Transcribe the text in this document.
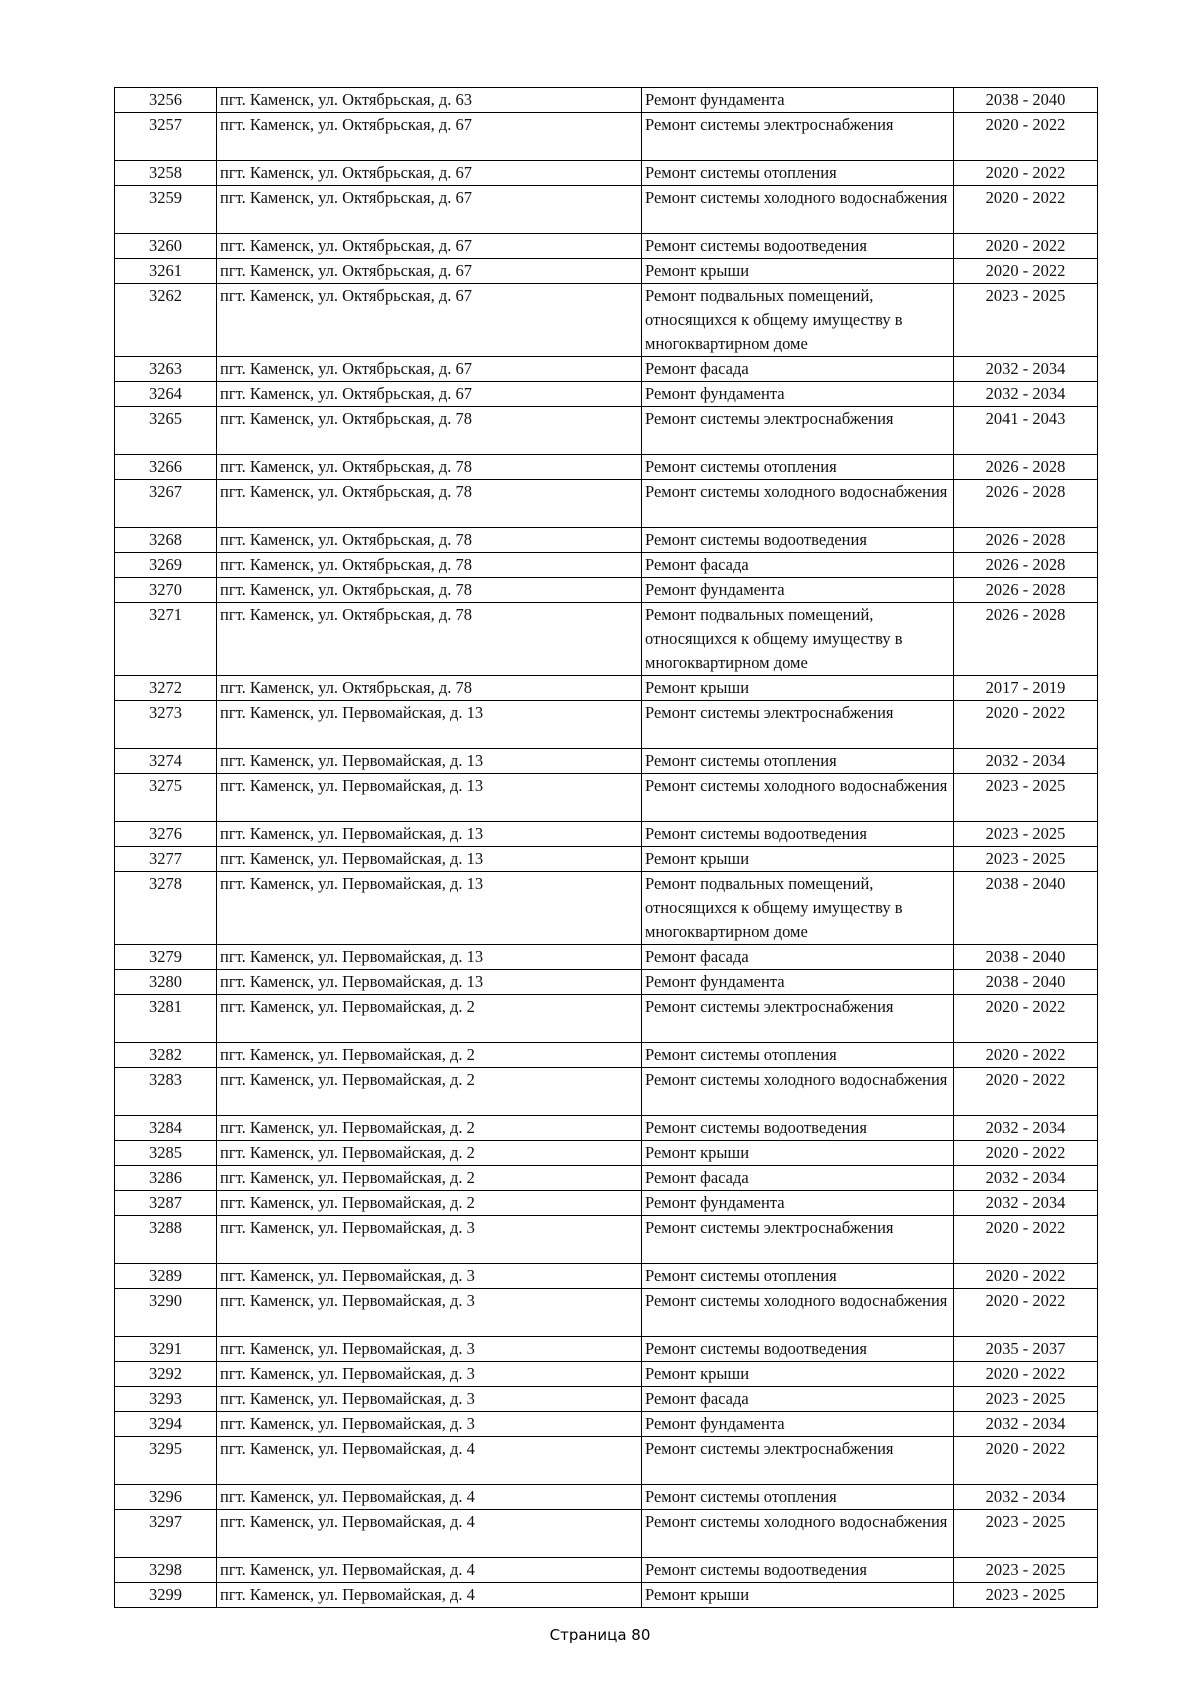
3256	пгт. Каменск, ул. Октябрьская, д. 63	Ремонт фундамента	2038 - 2040
3257	пгт. Каменск, ул. Октябрьская, д. 67	Ремонт системы электроснабжения	2020 - 2022
3258	пгт. Каменск, ул. Октябрьская, д. 67	Ремонт системы отопления	2020 - 2022
3259	пгт. Каменск, ул. Октябрьская, д. 67	Ремонт системы холодного водоснабжения	2020 - 2022
3260	пгт. Каменск, ул. Октябрьская, д. 67	Ремонт системы водоотведения	2020 - 2022
3261	пгт. Каменск, ул. Октябрьская, д. 67	Ремонт крыши	2020 - 2022
3262	пгт. Каменск, ул. Октябрьская, д. 67	Ремонт подвальных помещений, относящихся к общему имуществу в многоквартирном доме	2023 - 2025
3263	пгт. Каменск, ул. Октябрьская, д. 67	Ремонт фасада	2032 - 2034
3264	пгт. Каменск, ул. Октябрьская, д. 67	Ремонт фундамента	2032 - 2034
3265	пгт. Каменск, ул. Октябрьская, д. 78	Ремонт системы электроснабжения	2041 - 2043
3266	пгт. Каменск, ул. Октябрьская, д. 78	Ремонт системы отопления	2026 - 2028
3267	пгт. Каменск, ул. Октябрьская, д. 78	Ремонт системы холодного водоснабжения	2026 - 2028
3268	пгт. Каменск, ул. Октябрьская, д. 78	Ремонт системы водоотведения	2026 - 2028
3269	пгт. Каменск, ул. Октябрьская, д. 78	Ремонт фасада	2026 - 2028
3270	пгт. Каменск, ул. Октябрьская, д. 78	Ремонт фундамента	2026 - 2028
3271	пгт. Каменск, ул. Октябрьская, д. 78	Ремонт подвальных помещений, относящихся к общему имуществу в многоквартирном доме	2026 - 2028
3272	пгт. Каменск, ул. Октябрьская, д. 78	Ремонт крыши	2017 - 2019
3273	пгт. Каменск, ул. Первомайская, д. 13	Ремонт системы электроснабжения	2020 - 2022
3274	пгт. Каменск, ул. Первомайская, д. 13	Ремонт системы отопления	2032 - 2034
3275	пгт. Каменск, ул. Первомайская, д. 13	Ремонт системы холодного водоснабжения	2023 - 2025
3276	пгт. Каменск, ул. Первомайская, д. 13	Ремонт системы водоотведения	2023 - 2025
3277	пгт. Каменск, ул. Первомайская, д. 13	Ремонт крыши	2023 - 2025
3278	пгт. Каменск, ул. Первомайская, д. 13	Ремонт подвальных помещений, относящихся к общему имуществу в многоквартирном доме	2038 - 2040
3279	пгт. Каменск, ул. Первомайская, д. 13	Ремонт фасада	2038 - 2040
3280	пгт. Каменск, ул. Первомайская, д. 13	Ремонт фундамента	2038 - 2040
3281	пгт. Каменск, ул. Первомайская, д. 2	Ремонт системы электроснабжения	2020 - 2022
3282	пгт. Каменск, ул. Первомайская, д. 2	Ремонт системы отопления	2020 - 2022
3283	пгт. Каменск, ул. Первомайская, д. 2	Ремонт системы холодного водоснабжения	2020 - 2022
3284	пгт. Каменск, ул. Первомайская, д. 2	Ремонт системы водоотведения	2032 - 2034
3285	пгт. Каменск, ул. Первомайская, д. 2	Ремонт крыши	2020 - 2022
3286	пгт. Каменск, ул. Первомайская, д. 2	Ремонт фасада	2032 - 2034
3287	пгт. Каменск, ул. Первомайская, д. 2	Ремонт фундамента	2032 - 2034
3288	пгт. Каменск, ул. Первомайская, д. 3	Ремонт системы электроснабжения	2020 - 2022
3289	пгт. Каменск, ул. Первомайская, д. 3	Ремонт системы отопления	2020 - 2022
3290	пгт. Каменск, ул. Первомайская, д. 3	Ремонт системы холодного водоснабжения	2020 - 2022
3291	пгт. Каменск, ул. Первомайская, д. 3	Ремонт системы водоотведения	2035 - 2037
3292	пгт. Каменск, ул. Первомайская, д. 3	Ремонт крыши	2020 - 2022
3293	пгт. Каменск, ул. Первомайская, д. 3	Ремонт фасада	2023 - 2025
3294	пгт. Каменск, ул. Первомайская, д. 3	Ремонт фундамента	2032 - 2034
3295	пгт. Каменск, ул. Первомайская, д. 4	Ремонт системы электроснабжения	2020 - 2022
3296	пгт. Каменск, ул. Первомайская, д. 4	Ремонт системы отопления	2032 - 2034
3297	пгт. Каменск, ул. Первомайская, д. 4	Ремонт системы холодного водоснабжения	2023 - 2025
3298	пгт. Каменск, ул. Первомайская, д. 4	Ремонт системы водоотведения	2023 - 2025
3299	пгт. Каменск, ул. Первомайская, д. 4	Ремонт крыши	2023 - 2025
Страница 80
